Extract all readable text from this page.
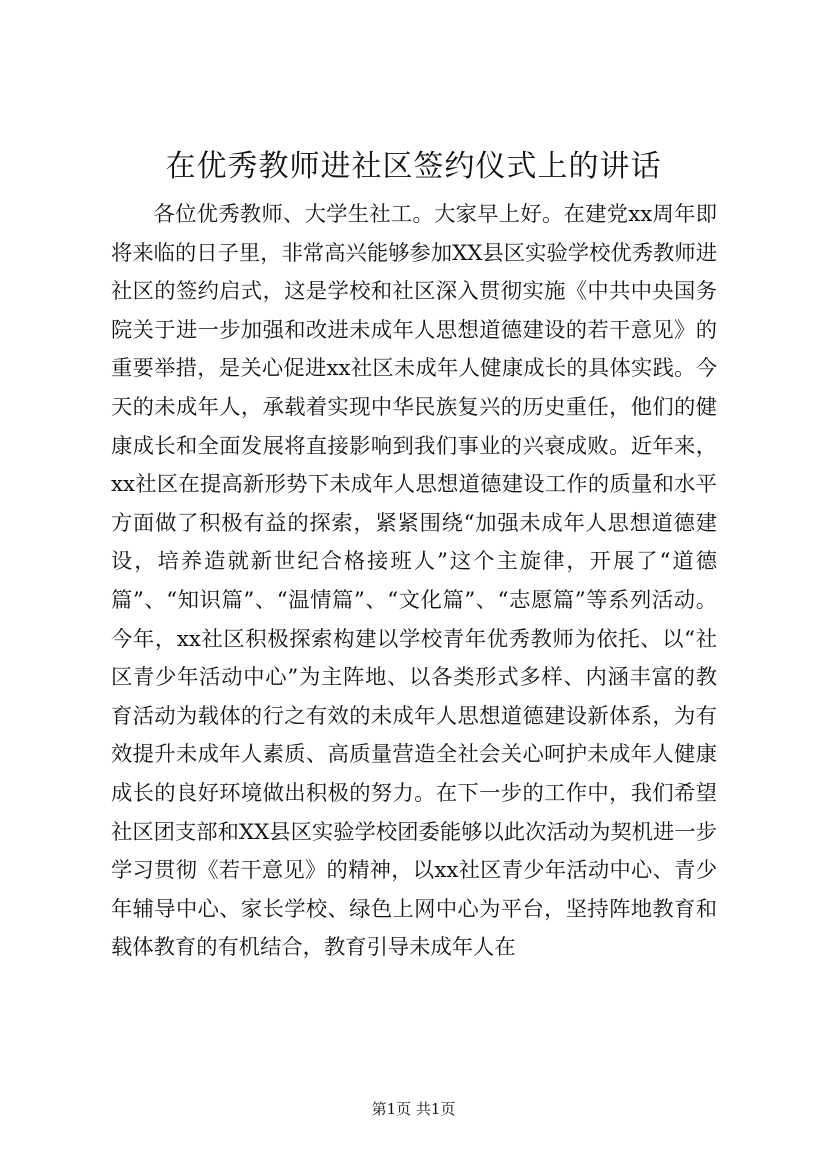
在优秀教师进社区签约仪式上的讲话

各位优秀教师、大学生社工。大家早上好。在建党xx周年即将来临的日子里，非常高兴能够参加XX县区实验学校优秀教师进社区的签约启式，这是学校和社区深入贯彻实施《中共中央国务院关于进一步加强和改进未成年人思想道德建设的若干意见》的重要举措，是关心促进xx社区未成年人健康成长的具体实践。今天的未成年人，承载着实现中华民族复兴的历史重任，他们的健康成长和全面发展将直接影响到我们事业的兴衰成败。近年来，xx社区在提高新形势下未成年人思想道德建设工作的质量和水平方面做了积极有益的探索，紧紧围绕“加强未成年人思想道德建设，培养造就新世纪合格接班人”这个主旋律，开展了“道德篇”、“知识篇”、“温情篇”、“文化篇”、“志愿篇”等系列活动。今年，xx社区积极探索构建以学校青年优秀教师为依托、以“社区青少年活动中心”为主阵地、以各类形式多样、内涵丰富的教育活动为载体的行之有效的未成年人思想道德建设新体系，为有效提升未成年人素质、高质量营造全社会关心呵护未成年人健康成长的良好环境做出积极的努力。在下一步的工作中，我们希望社区团支部和XX县区实验学校团委能够以此次活动为契机进一步学习贯彻《若干意见》的精神，以xx社区青少年活动中心、青少年辅导中心、家长学校、绿色上网中心为平台，坚持阵地教育和载体教育的有机结合，教育引导未成年人在

第1页 共1页
